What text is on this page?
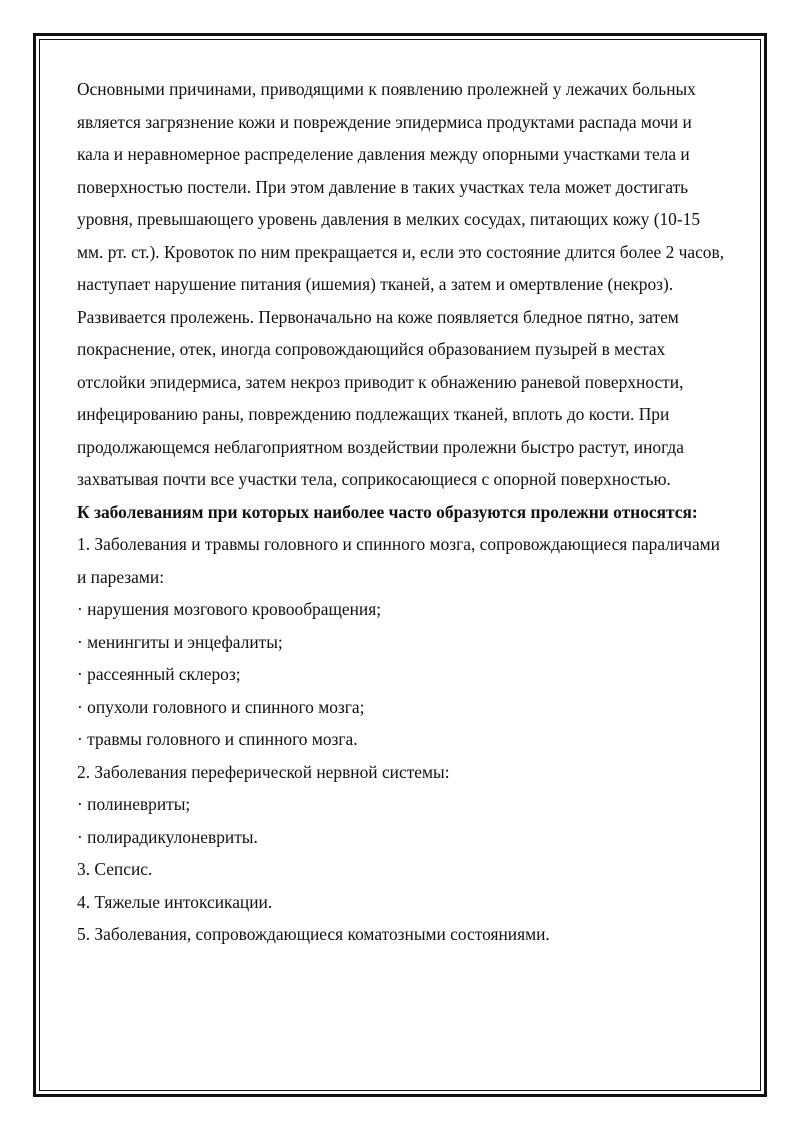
Основными причинами, приводящими к появлению пролежней у лежачих больных является загрязнение кожи и повреждение эпидермиса продуктами распада мочи и кала и неравномерное распределение давления между опорными участками тела и поверхностью постели. При этом давление в таких участках тела может достигать уровня, превышающего уровень давления в мелких сосудах, питающих кожу (10-15 мм. рт. ст.). Кровоток по ним прекращается и, если это состояние длится более 2 часов, наступает нарушение питания (ишемия) тканей, а затем и омертвление (некроз).

Развивается пролежень. Первоначально на коже появляется бледное пятно, затем покраснение, отек, иногда сопровождающийся образованием пузырей в местах отслойки эпидермиса, затем некроз приводит к обнажению раневой поверхности, инфецированию раны, повреждению подлежащих тканей, вплоть до кости. При продолжающемся неблагоприятном воздействии пролежни быстро растут, иногда захватывая почти все участки тела, соприкосающиеся с опорной поверхностью.

К заболеваниям при которых наиболее часто образуются пролежни относятся:

1. Заболевания и травмы головного и спинного мозга, сопровождающиеся параличами и парезами:

· нарушения мозгового кровообращения;

· менингиты и энцефалиты;

· рассеянный склероз;

· опухоли головного и спинного мозга;

· травмы головного и спинного мозга.

2. Заболевания переферической нервной системы:

· полиневриты;

· полирадикулоневриты.

3. Сепсис.

4. Тяжелые интоксикации.

5. Заболевания, сопровождающиеся коматозными состояниями.
